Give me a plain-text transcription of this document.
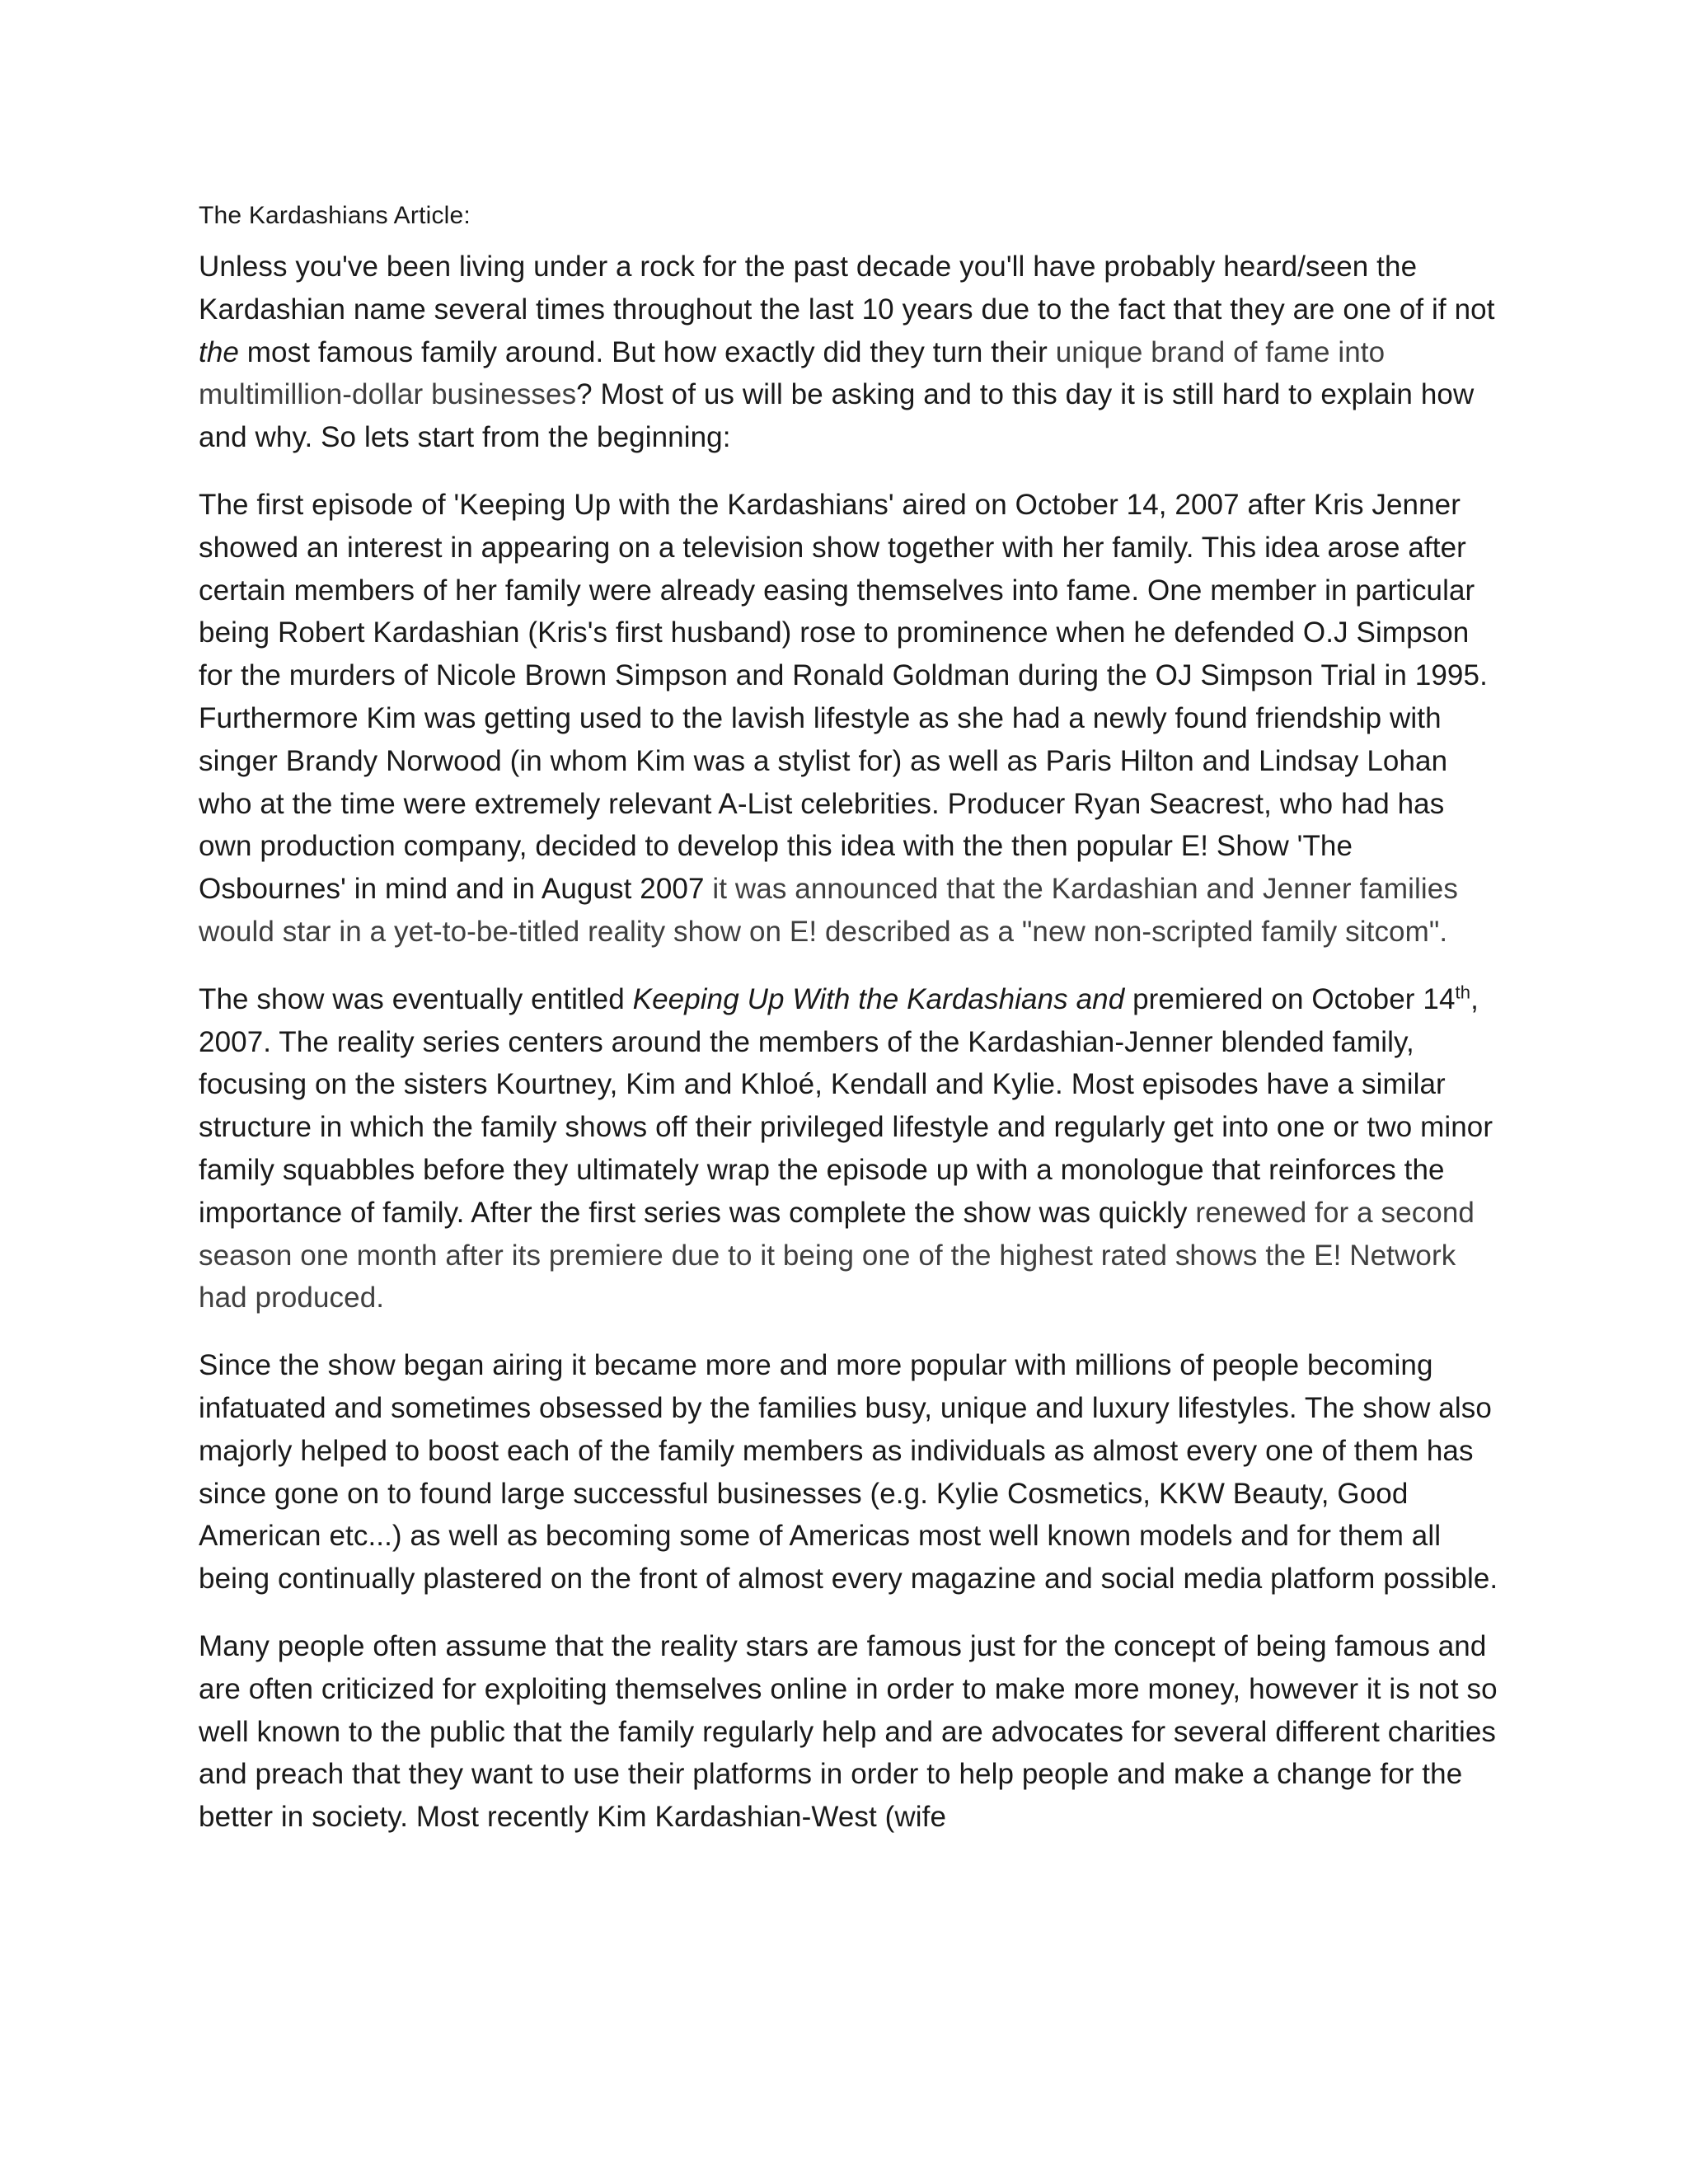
The Kardashians Article:

Unless you've been living under a rock for the past decade you'll have probably heard/seen the Kardashian name several times throughout the last 10 years due to the fact that they are one of if not the most famous family around. But how exactly did they turn their unique brand of fame into multimillion-dollar businesses? Most of us will be asking and to this day it is still hard to explain how and why. So lets start from the beginning:

The first episode of 'Keeping Up with the Kardashians' aired on October 14, 2007 after Kris Jenner showed an interest in appearing on a television show together with her family. This idea arose after certain members of her family were already easing themselves into fame. One member in particular being Robert Kardashian (Kris's first husband) rose to prominence when he defended O.J Simpson for the murders of Nicole Brown Simpson and Ronald Goldman during the OJ Simpson Trial in 1995. Furthermore Kim was getting used to the lavish lifestyle as she had a newly found friendship with singer Brandy Norwood (in whom Kim was a stylist for) as well as Paris Hilton and Lindsay Lohan who at the time were extremely relevant A-List celebrities. Producer Ryan Seacrest, who had has own production company, decided to develop this idea with the then popular E! Show 'The Osbournes' in mind and in August 2007 it was announced that the Kardashian and Jenner families would star in a yet-to-be-titled reality show on E! described as a "new non-scripted family sitcom".

The show was eventually entitled Keeping Up With the Kardashians and premiered on October 14th, 2007. The reality series centers around the members of the Kardashian-Jenner blended family, focusing on the sisters Kourtney, Kim and Khloé, Kendall and Kylie. Most episodes have a similar structure in which the family shows off their privileged lifestyle and regularly get into one or two minor family squabbles before they ultimately wrap the episode up with a monologue that reinforces the importance of family. After the first series was complete the show was quickly renewed for a second season one month after its premiere due to it being one of the highest rated shows the E! Network had produced.

Since the show began airing it became more and more popular with millions of people becoming infatuated and sometimes obsessed by the families busy, unique and luxury lifestyles. The show also majorly helped to boost each of the family members as individuals as almost every one of them has since gone on to found large successful businesses (e.g. Kylie Cosmetics, KKW Beauty, Good American etc...) as well as becoming some of Americas most well known models and for them all being continually plastered on the front of almost every magazine and social media platform possible.

Many people often assume that the reality stars are famous just for the concept of being famous and are often criticized for exploiting themselves online in order to make more money, however it is not so well known to the public that the family regularly help and are advocates for several different charities and preach that they want to use their platforms in order to help people and make a change for the better in society. Most recently Kim Kardashian-West (wife
